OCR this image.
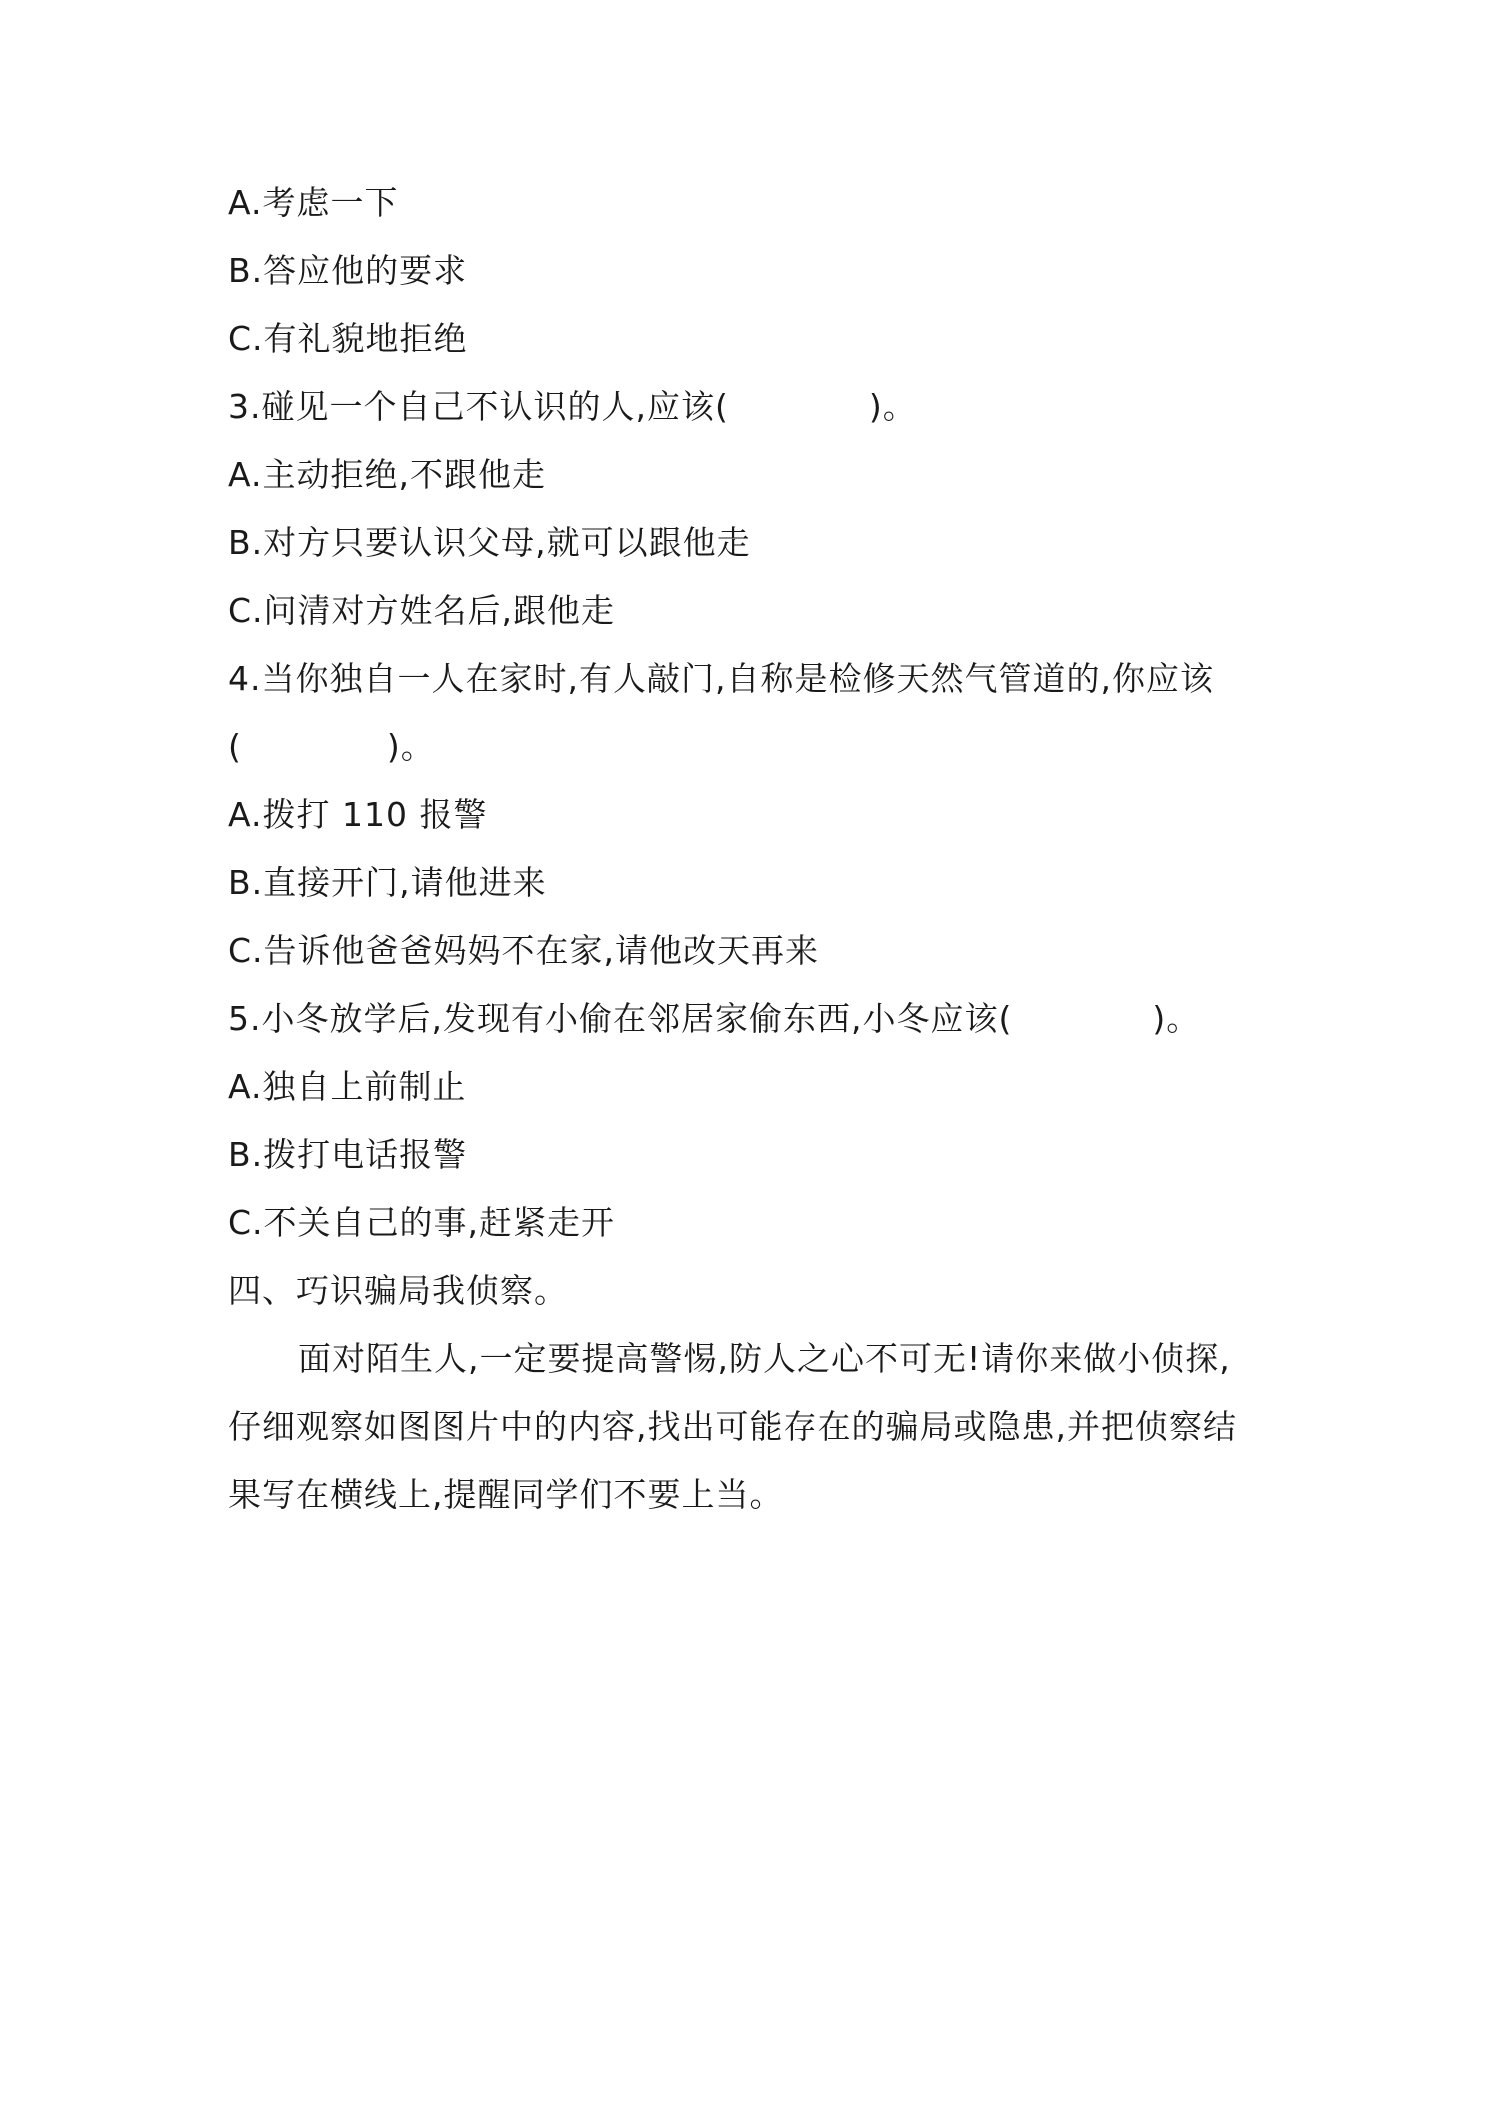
A.考虑一下
B.答应他的要求
C.有礼貌地拒绝
3.碰见一个自己不认识的人,应该(	)。
A.主动拒绝,不跟他走
B.对方只要认识父母,就可以跟他走
C.问清对方姓名后,跟他走
4.当你独自一人在家时,有人敲门,自称是检修天然气管道的,你应该
(	)。
A.拨打 110 报警
B.直接开门,请他进来
C.告诉他爸爸妈妈不在家,请他改天再来
5.小冬放学后,发现有小偷在邻居家偷东西,小冬应该(	)。
A.独自上前制止
B.拨打电话报警
C.不关自己的事,赶紧走开
四、巧识骗局我侦察。
面对陌生人,一定要提高警惕,防人之心不可无!请你来做小侦探,
仔细观察如图图片中的内容,找出可能存在的骗局或隐患,并把侦察结
果写在横线上,提醒同学们不要上当。
